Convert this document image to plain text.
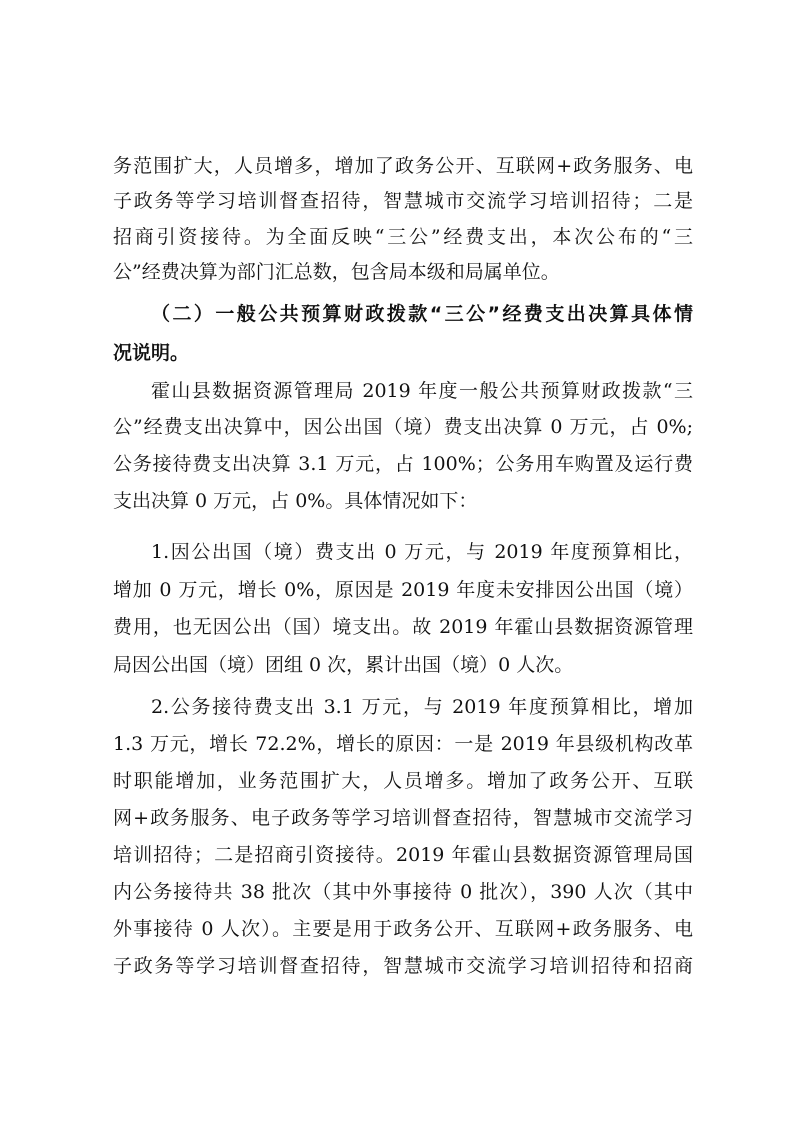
务范围扩大，人员增多，增加了政务公开、互联网+政务服务、电
子政务等学习培训督查招待，智慧城市交流学习培训招待；二是
招商引资接待。为全面反映“三公”经费支出，本次公布的“三
公”经费决算为部门汇总数，包含局本级和局属单位。
（二）一般公共预算财政拨款“三公”经费支出决算具体情
况说明。
霍山县数据资源管理局 2019 年度一般公共预算财政拨款“三
公”经费支出决算中，因公出国（境）费支出决算 0 万元，占 0%;
公务接待费支出决算 3.1 万元，占 100%；公务用车购置及运行费
支出决算 0 万元，占 0%。具体情况如下：
1.因公出国（境）费支出 0 万元，与 2019 年度预算相比，
增加 0 万元，增长 0%，原因是 2019 年度未安排因公出国（境）
费用，也无因公出（国）境支出。故 2019 年霍山县数据资源管理
局因公出国（境）团组 0 次，累计出国（境）0 人次。
2.公务接待费支出 3.1 万元，与 2019 年度预算相比，增加
1.3 万元，增长 72.2%，增长的原因：一是 2019 年县级机构改革
时职能增加，业务范围扩大，人员增多。增加了政务公开、互联
网+政务服务、电子政务等学习培训督查招待，智慧城市交流学习
培训招待；二是招商引资接待。2019 年霍山县数据资源管理局国
内公务接待共 38 批次（其中外事接待 0 批次），390 人次（其中
外事接待 0 人次）。主要是用于政务公开、互联网+政务服务、电
子政务等学习培训督查招待，智慧城市交流学习培训招待和招商
